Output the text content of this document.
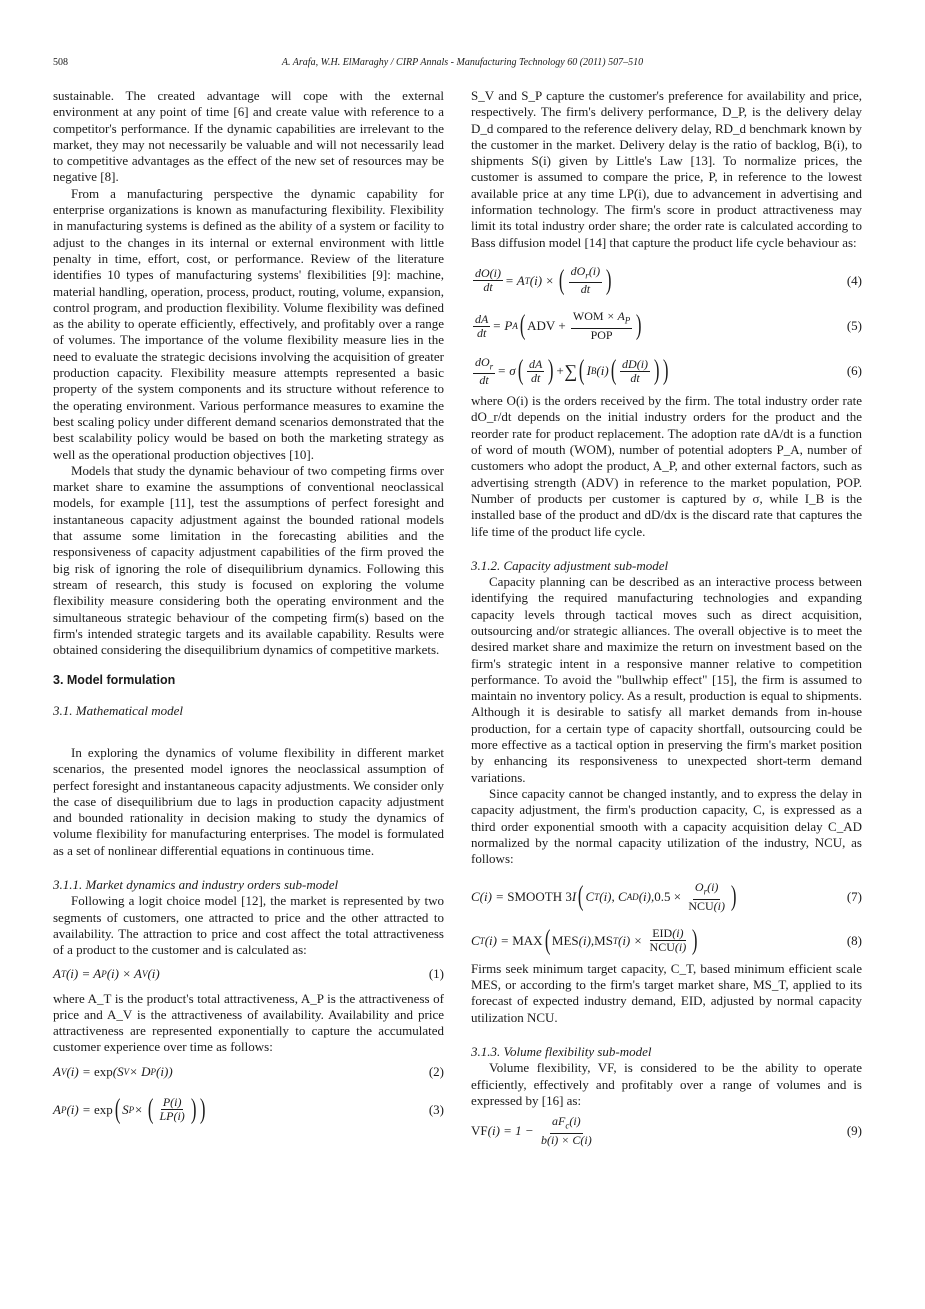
508	A. Arafa, W.H. ElMaraghy / CIRP Annals - Manufacturing Technology 60 (2011) 507–510

sustainable. The created advantage will cope with the external environment at any point of time [6] and create value with reference to a competitor's performance. If the dynamic capabilities are irrelevant to the market, they may not necessarily be valuable and will not necessarily lead to competitive advantages as the effect of the new set of resources may be negative [8].

From a manufacturing perspective the dynamic capability for enterprise organizations is known as manufacturing flexibility. Flexibility in manufacturing systems is defined as the ability of a system or facility to adjust to the changes in its internal or external environment with little penalty in time, effort, cost, or performance. Review of the literature identifies 10 types of manufacturing systems' flexibilities [9]: machine, material handling, operation, process, product, routing, volume, expansion, control program, and production flexibility. Volume flexibility was defined as the ability to operate efficiently, effectively, and profitably over a range of volumes. The importance of the volume flexibility measure lies in the need to evaluate the strategic decisions involving the acquisition of greater production capacity. Flexibility measure attempts represented a basic property of the system components and its structure without reference to the operating environment. Various performance measures to examine the best scaling policy under different demand scenarios demonstrated that the best scalability policy would be based on both the marketing strategy as well as the operational production objectives [10].

Models that study the dynamic behaviour of two competing firms over market share to examine the assumptions of conventional neoclassical models, for example [11], test the assumptions of perfect foresight and instantaneous capacity adjustment against the bounded rational models that assume some limitation in the forecasting abilities and the responsiveness of capacity adjustment capabilities of the firm proved the big risk of ignoring the role of disequilibrium dynamics. Following this stream of research, this study is focused on exploring the volume flexibility measure considering both the operating environment and the simultaneous strategic behaviour of the competing firm(s) based on the firm's intended strategic targets and its available capability. Results were obtained considering the disequilibrium dynamics of competitive markets.

3. Model formulation
3.1. Mathematical model

In exploring the dynamics of volume flexibility in different market scenarios, the presented model ignores the neoclassical assumption of perfect foresight and instantaneous capacity adjustments. We consider only the case of disequilibrium due to lags in production capacity adjustment and bounded rationality in decision making to study the dynamics of volume flexibility for manufacturing enterprises. The model is formulated as a set of nonlinear differential equations in continuous time.

3.1.1. Market dynamics and industry orders sub-model

Following a logit choice model [12], the market is represented by two segments of customers, one attracted to price and the other attracted to availability. The attraction to price and cost affect the total attractiveness of a product to the customer and is calculated as:

A T (i) = A P (i) × A V (i)	(1)

where A_T is the product's total attractiveness, A_P is the attractiveness of price and A_V is the attractiveness of availability. Availability and price attractiveness are represented exponentially to capture the accumulated customer experience over time as follows:

A V (i) = exp (S V × D P (i))	(2)
A P (i) = exp ( S P × ( $\frac{P(i)}{LP(i)}$ ) )	(3)

S_V and S_P capture the customer's preference for availability and price, respectively. The firm's delivery performance, D_P, is the delivery delay D_d compared to the reference delivery delay, RD_d benchmark known by the customer in the market. Delivery delay is the ratio of backlog, B(i), to shipments S(i) given by Little's Law [13]. To normalize prices, the customer is assumed to compare the price, P, in reference to the lowest available price at any time LP(i), due to advancement in advertising and information technology. The firm's score in product attractiveness may limit its total industry order share; the order rate is calculated according to Bass diffusion model [14] that capture the product life cycle behaviour as:

$\frac{dO(i)}{dt} = A$ T (i) × ( $\frac{dO_r(i)}{dt}$ )	(4)
$\frac{dA}{dt} = P$ A ( ADV +
$\frac{WOM \times A_P}{\text{POP}}$ )	(5)
$\frac{dO_r}{dt} = \sigma$ ( $\frac{dA}{dt}$ ) + ∑ ( I B (i) ( $\frac{dD(i)}{dt}$ ) )	(6)

where O(i) is the orders received by the firm. The total industry order rate dO_r/dt depends on the initial industry orders for the product and the reorder rate for product replacement. The adoption rate dA/dt is a function of word of mouth (WOM), number of potential adopters P_A, number of customers who adopt the product, A_P, and other external factors, such as advertising strength (ADV) in reference to the market population, POP. Number of products per customer is captured by σ, while I_B is the installed base of the product and dD/dx is the discard rate that captures the life time of the product life cycle.

3.1.2. Capacity adjustment sub-model

Capacity planning can be described as an interactive process between identifying the required manufacturing technologies and expanding capacity levels through tactical moves such as direct acquisition, outsourcing and/or strategic alliances. The overall objective is to meet the desired market share and maximize the return on investment based on the firm's strategic intent in a responsive manner relative to competition performance. To avoid the "bullwhip effect" [15], the firm is assumed to maintain no inventory policy. As a result, production is equal to shipments. Although it is desirable to satisfy all market demands from in-house production, for a certain type of capacity shortfall, outsourcing could be more effective as a tactical option in preserving the firm's market position by enhancing its responsiveness to unexpected short-term demand variations.

Since capacity cannot be changed instantly, and to express the delay in capacity adjustment, the firm's production capacity, C, is expressed as a third order exponential smooth with a capacity acquisition delay C_AD normalized by the normal capacity utilization of the industry, NCU, as follows:

C(i) = SMOOTH 3 I ( C T (i), C AD (i), 0.5 ×
$\frac{O_r(i)}{\text{NCU(i)}}$ )	(7)
C T (i) = MAX ( MES (i), MS T $(i) \times \frac{\text{EID(i)}}{\text{NCU(i)}}$ )	(8)

Firms seek minimum target capacity, C_T, based minimum efficient scale MES, or according to the firm's target market share, MS_T, applied to its forecast of expected industry demand, EID, adjusted by normal capacity utilization NCU.

3.1.3. Volume flexibility sub-model

Volume flexibility, VF, is considered to be the ability to operate efficiently, effectively and profitably over a range of volumes and is expressed by [16] as:

VF $(i) = 1 - \frac{aF_c(i)}{b(i) \times C(i)}$	(9)
